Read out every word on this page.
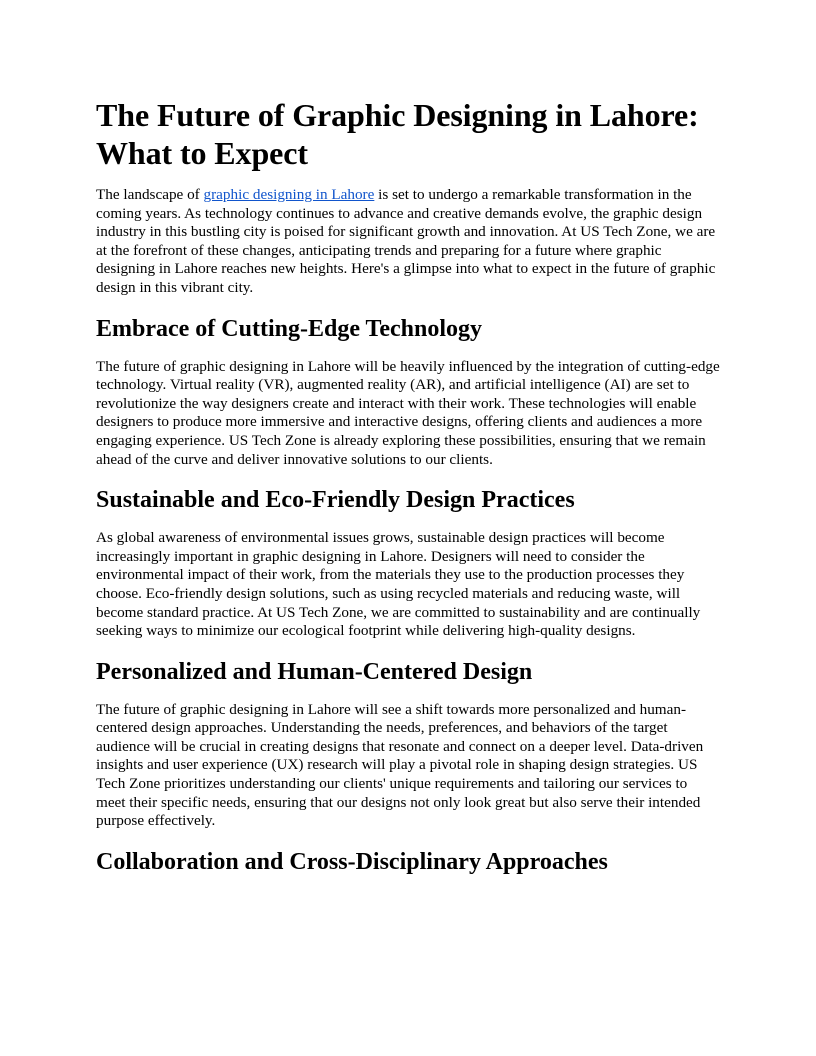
The Future of Graphic Designing in Lahore:
What to Expect

The landscape of graphic designing in Lahore is set to undergo a remarkable transformation in the coming years. As technology continues to advance and creative demands evolve, the graphic design industry in this bustling city is poised for significant growth and innovation. At US Tech Zone, we are at the forefront of these changes, anticipating trends and preparing for a future where graphic designing in Lahore reaches new heights. Here's a glimpse into what to expect in the future of graphic design in this vibrant city.

Embrace of Cutting-Edge Technology

The future of graphic designing in Lahore will be heavily influenced by the integration of cutting-edge technology. Virtual reality (VR), augmented reality (AR), and artificial intelligence (AI) are set to revolutionize the way designers create and interact with their work. These technologies will enable designers to produce more immersive and interactive designs, offering clients and audiences a more engaging experience. US Tech Zone is already exploring these possibilities, ensuring that we remain ahead of the curve and deliver innovative solutions to our clients.

Sustainable and Eco-Friendly Design Practices

As global awareness of environmental issues grows, sustainable design practices will become increasingly important in graphic designing in Lahore. Designers will need to consider the environmental impact of their work, from the materials they use to the production processes they choose. Eco-friendly design solutions, such as using recycled materials and reducing waste, will become standard practice. At US Tech Zone, we are committed to sustainability and are continually seeking ways to minimize our ecological footprint while delivering high-quality designs.

Personalized and Human-Centered Design

The future of graphic designing in Lahore will see a shift towards more personalized and human-centered design approaches. Understanding the needs, preferences, and behaviors of the target audience will be crucial in creating designs that resonate and connect on a deeper level. Data-driven insights and user experience (UX) research will play a pivotal role in shaping design strategies. US Tech Zone prioritizes understanding our clients' unique requirements and tailoring our services to meet their specific needs, ensuring that our designs not only look great but also serve their intended purpose effectively.

Collaboration and Cross-Disciplinary Approaches
